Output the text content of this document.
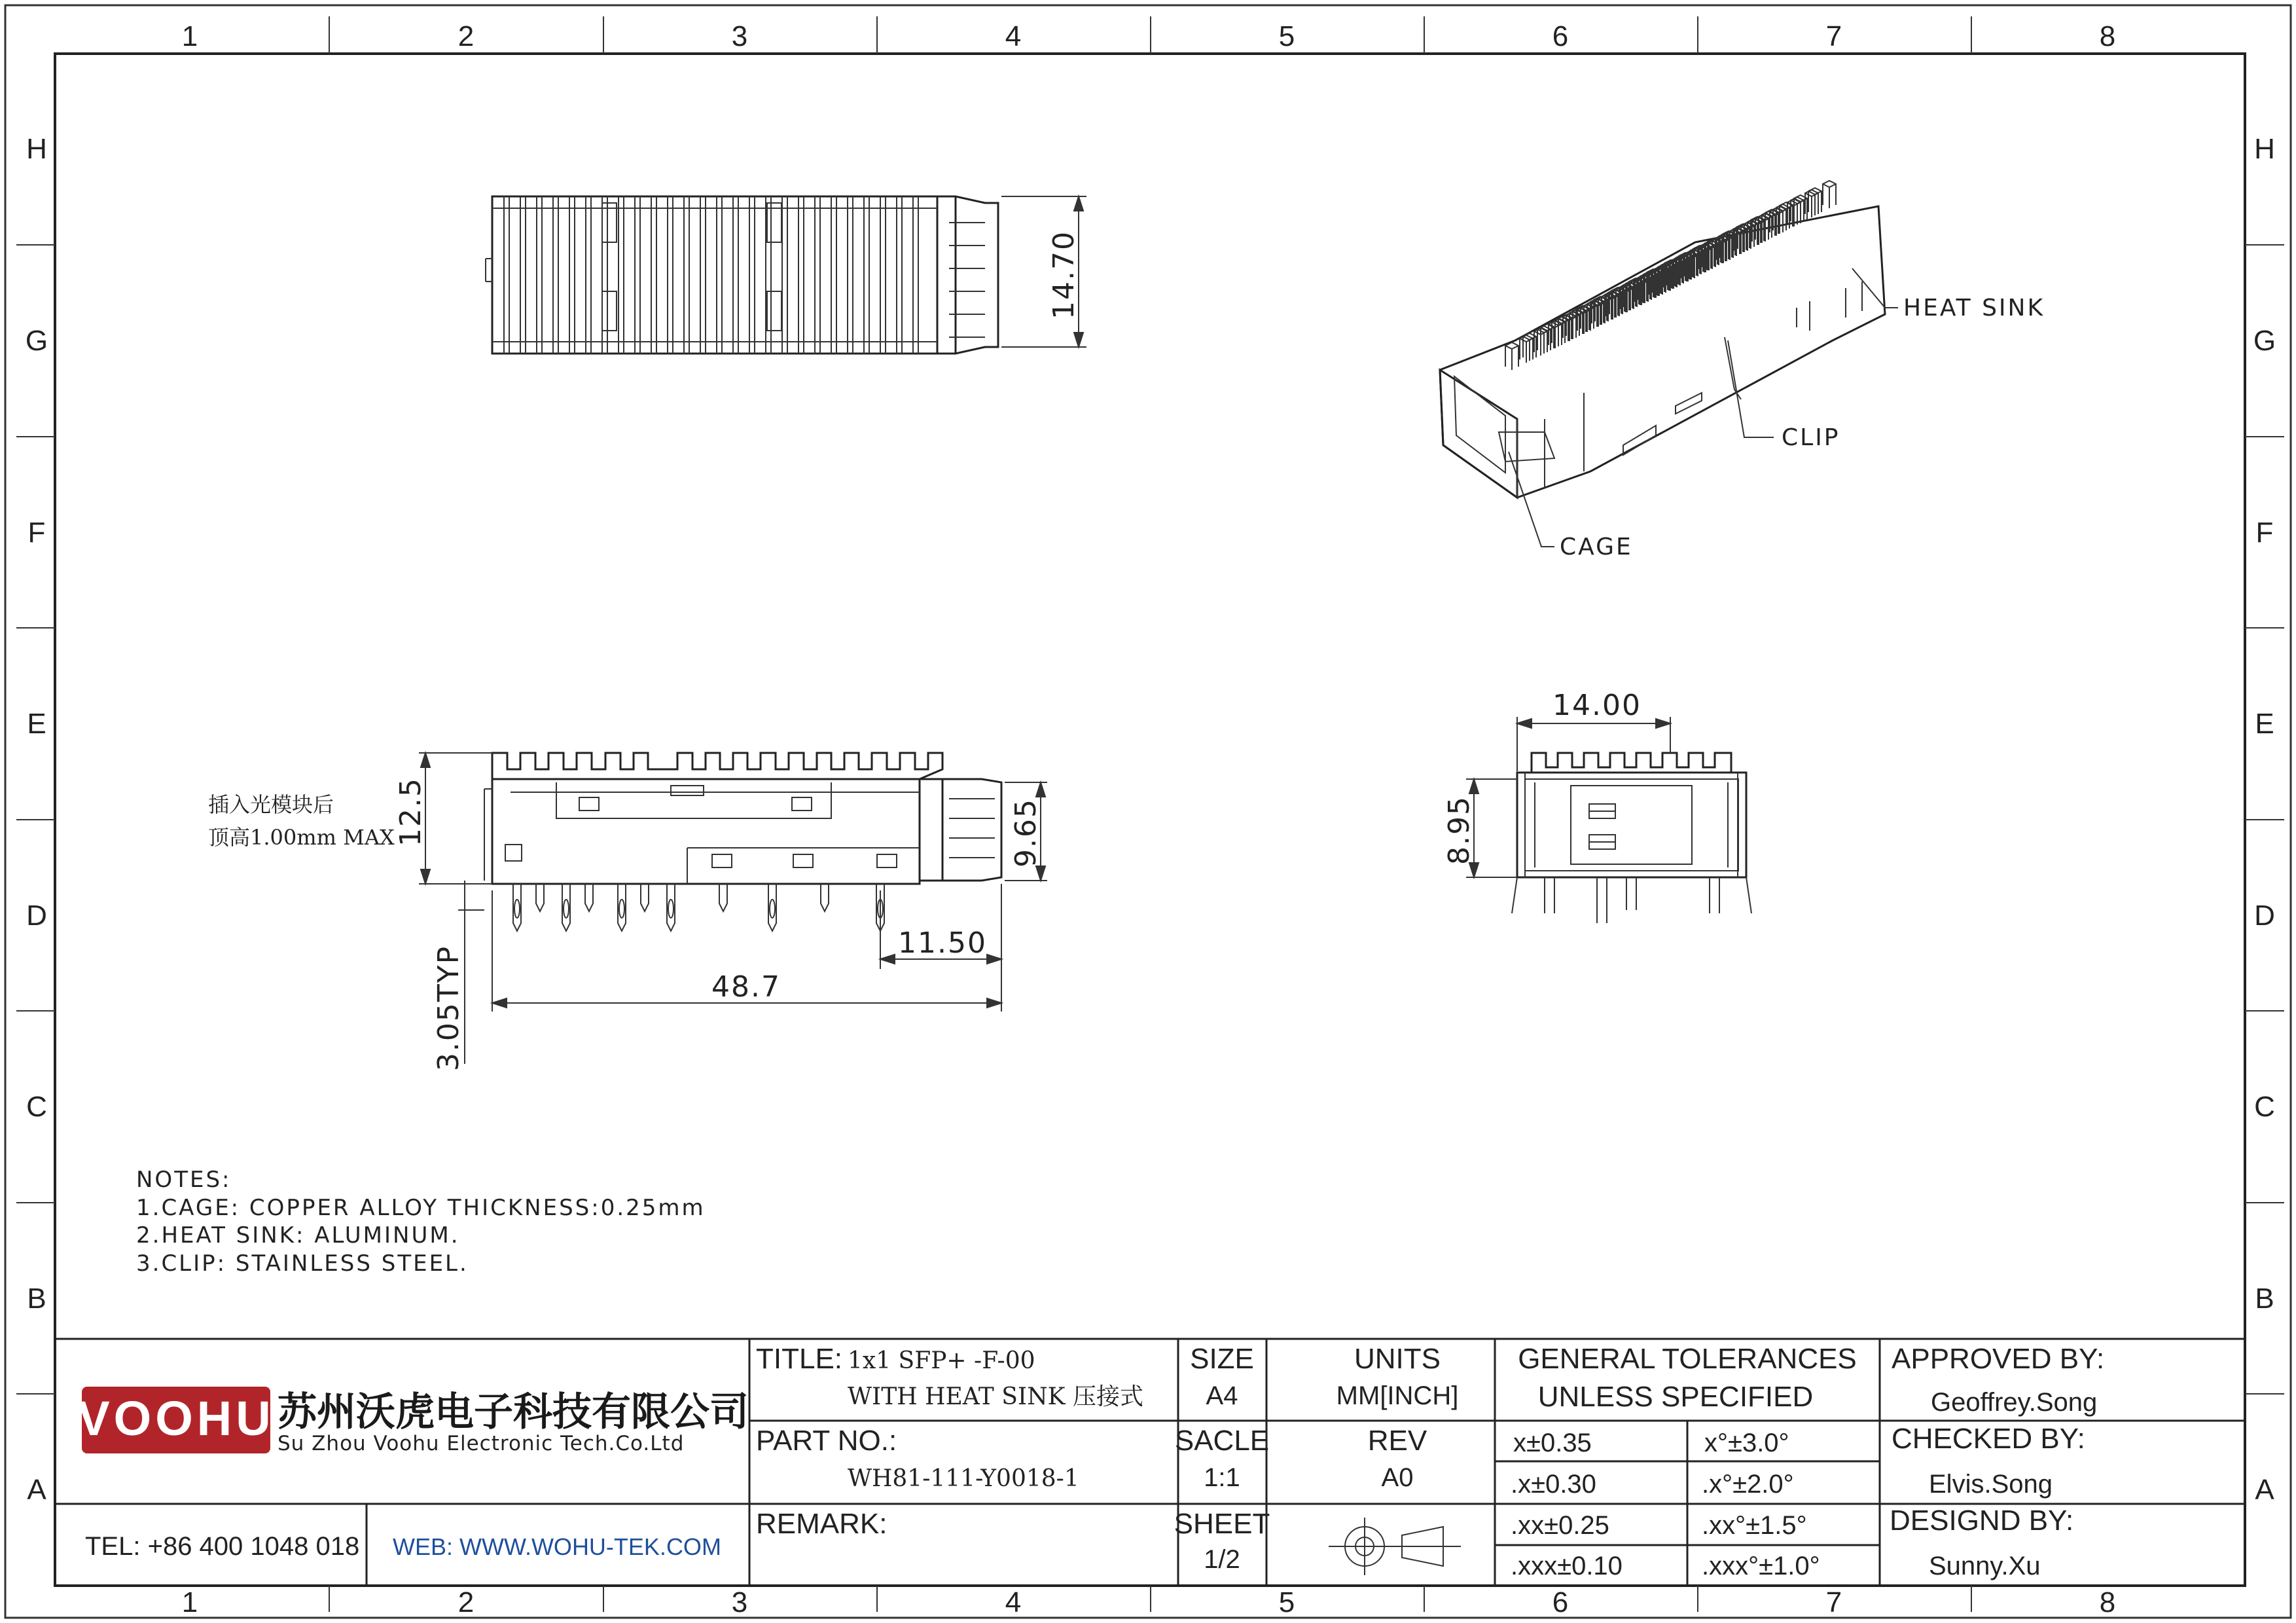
1	2	3	4	5	6	7	8
1	2	3	4	5	6	7	8
H
G
F
E
D
C
B
A
H
G
F
E
D
C
B
A
14.70
12.5	9.65
3.05TYP
11.50
48.7
插入光模块后
顶高1.00mm MAX
14.00
8.95
HEAT SINK
CLIP
CAGE
NOTES:
1.CAGE: COPPER ALLOY THICKNESS:0.25mm
2.HEAT SINK: ALUMINUM.
3.CLIP: STAINLESS STEEL.
VOOHU 苏州沃虎电子科技有限公司
Su Zhou Voohu Electronic Tech.Co.Ltd
TEL: +86 400 1048 018 WEB: WWW.WOHU-TEK.COM
TITLE: 1x1 SFP+ -F-00
WITH HEAT SINK 压接式
PART NO.:
WH81-111-Y0018-1
REMARK:
SIZE
A4
SACLE
1:1
SHEET
1/2
UNITS
MM[INCH]
REV
A0
GENERAL TOLERANCES
UNLESS SPECIFIED
x±0.35	x°±3.0°
.x±0.30	.x°±2.0°
.xx±0.25	.xx°±1.5°
.xxx±0.10	.xxx°±1.0°
APPROVED BY:
Geoffrey.Song
CHECKED BY:
Elvis.Song
DESIGND BY:
Sunny.Xu
